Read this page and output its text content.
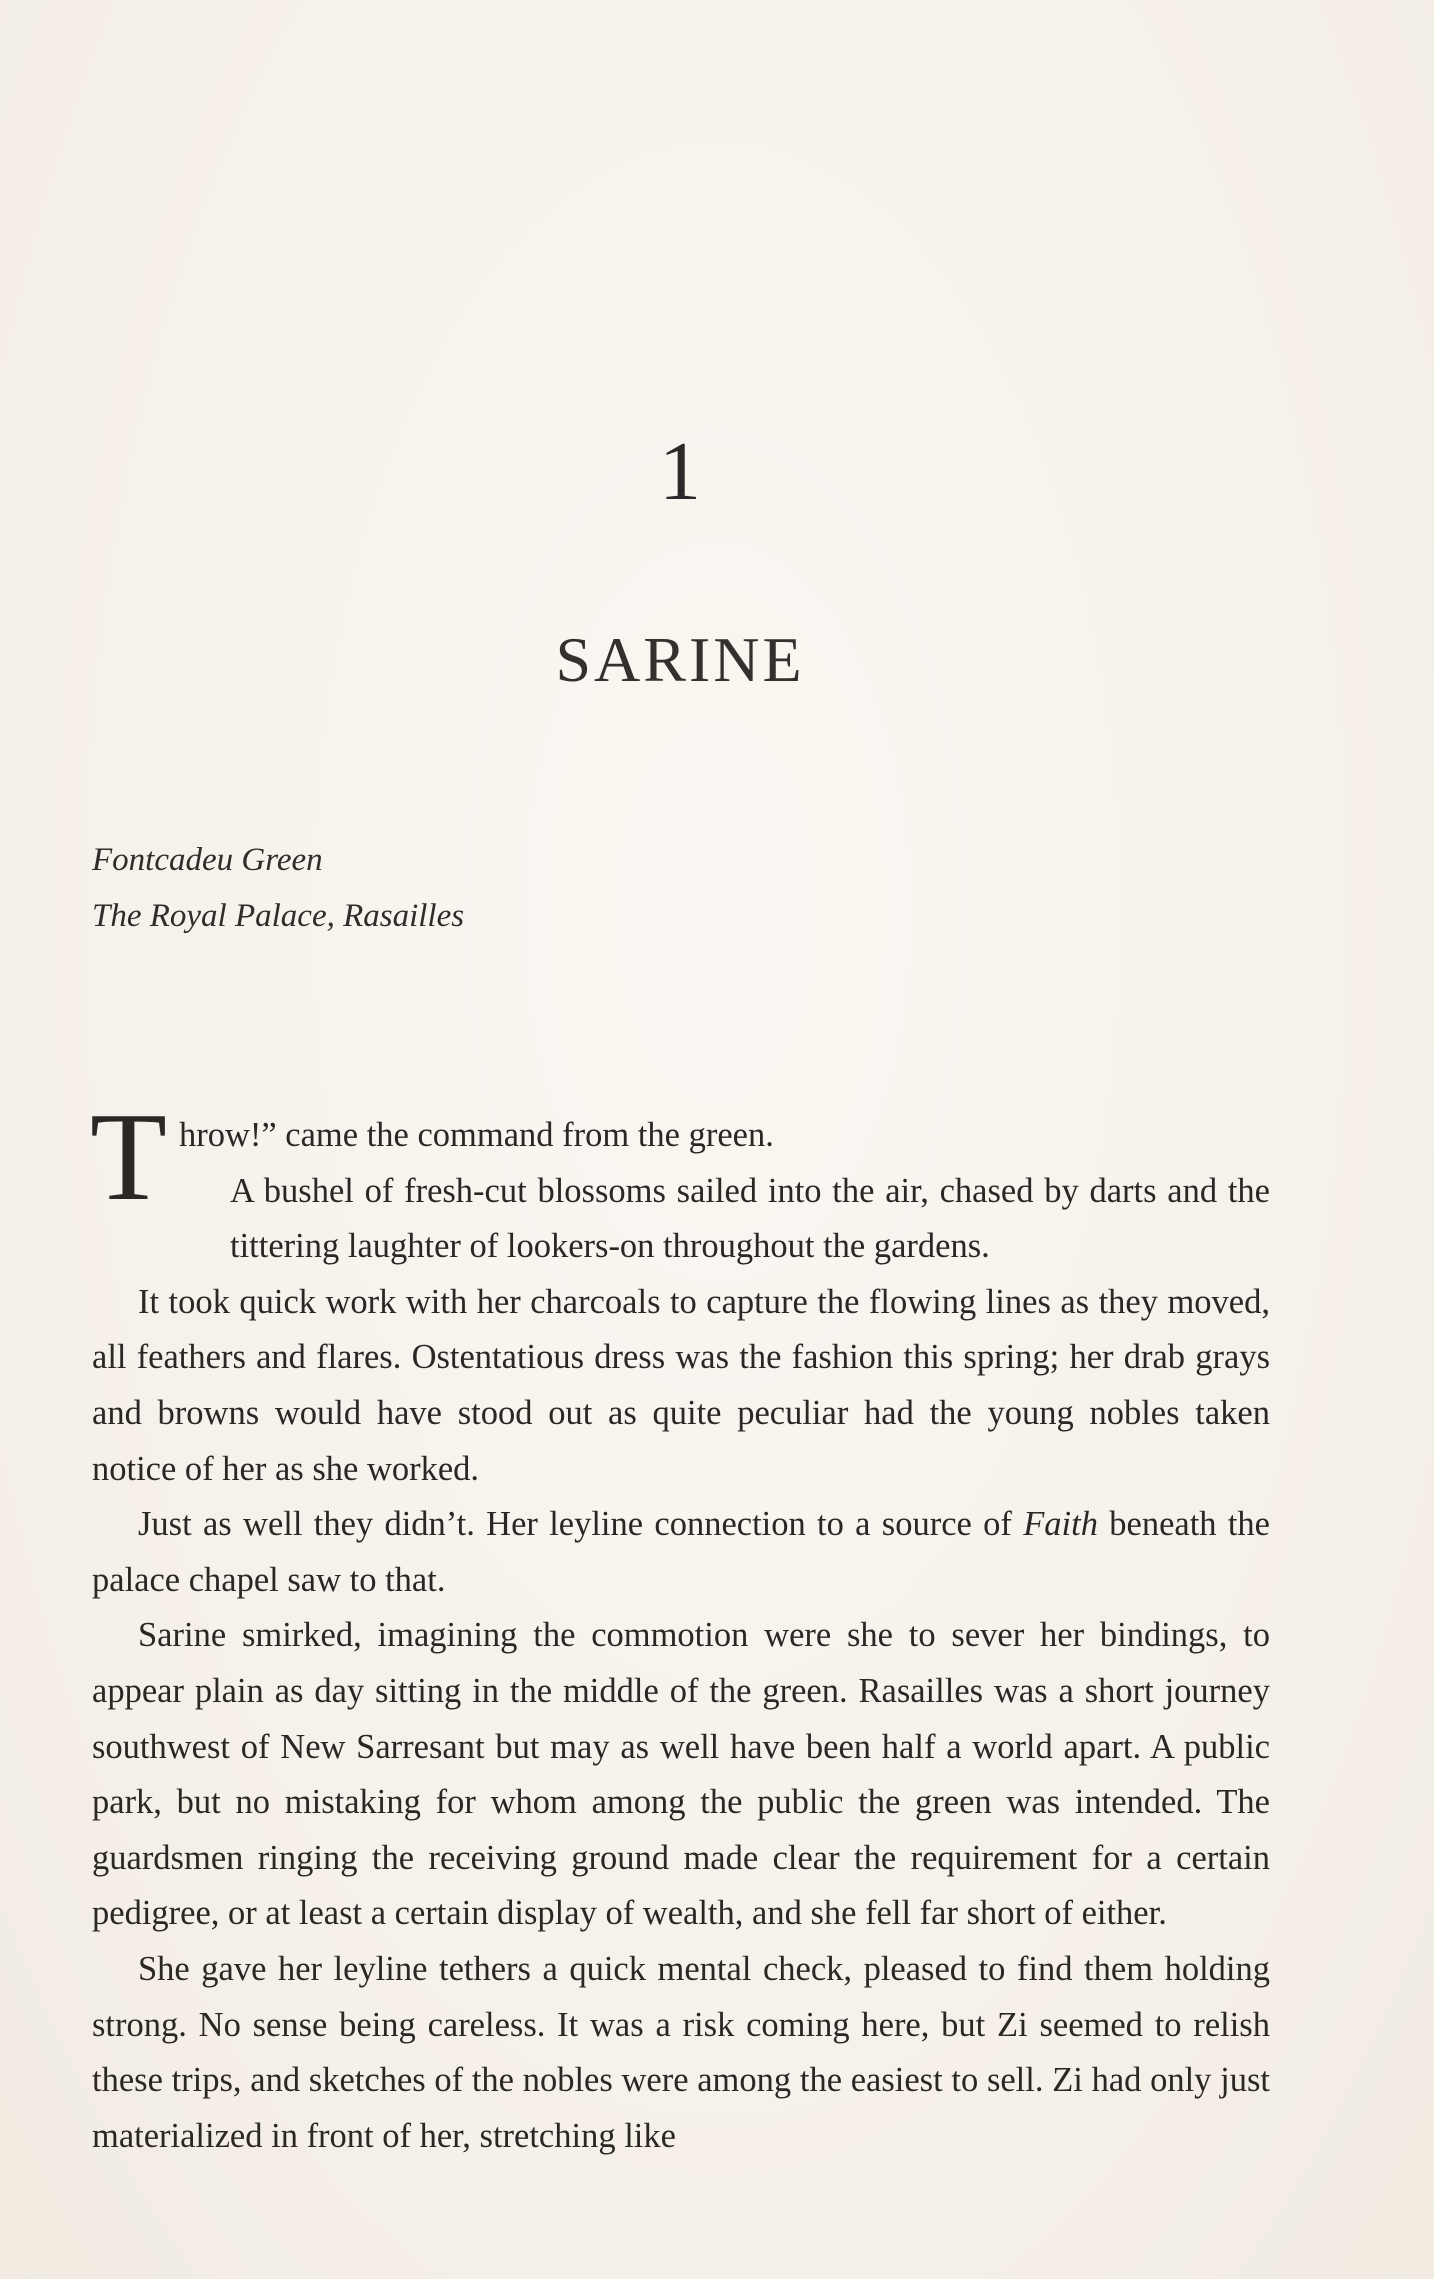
1
SARINE
Fontcadeu Green
The Royal Palace, Rasailles

Throw!” came the command from the green.

A bushel of fresh-cut blossoms sailed into the air, chased by darts and the tittering laughter of lookers-on throughout the gardens.

It took quick work with her charcoals to capture the flowing lines as they moved, all feathers and flares. Ostentatious dress was the fashion this spring; her drab grays and browns would have stood out as quite peculiar had the young nobles taken notice of her as she worked.

Just as well they didn’t. Her leyline connection to a source of Faith beneath the palace chapel saw to that.

Sarine smirked, imagining the commotion were she to sever her bindings, to appear plain as day sitting in the middle of the green. Rasailles was a short journey southwest of New Sarresant but may as well have been half a world apart. A public park, but no mistaking for whom among the public the green was intended. The guardsmen ringing the receiving ground made clear the requirement for a certain pedigree, or at least a certain display of wealth, and she fell far short of either.

She gave her leyline tethers a quick mental check, pleased to find them holding strong. No sense being careless. It was a risk coming here, but Zi seemed to relish these trips, and sketches of the nobles were among the easiest to sell. Zi had only just materialized in front of her, stretching like
